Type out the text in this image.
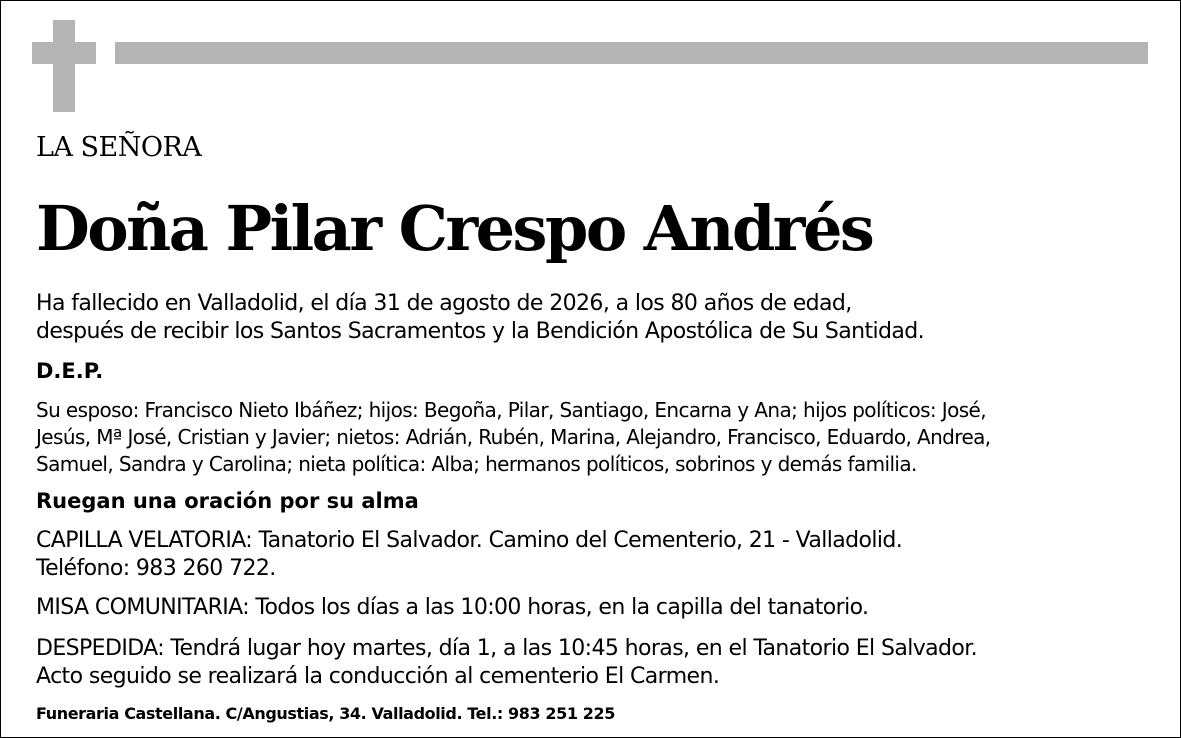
LA SEÑORA
Doña Pilar Crespo Andrés
Ha fallecido en Valladolid, el día 31 de agosto de 2026, a los 80 años de edad,
después de recibir los Santos Sacramentos y la Bendición Apostólica de Su Santidad.
D.E.P.
Su esposo: Francisco Nieto Ibáñez; hijos: Begoña, Pilar, Santiago, Encarna y Ana; hijos políticos: José,
Jesús, Mª José, Cristian y Javier; nietos: Adrián, Rubén, Marina, Alejandro, Francisco, Eduardo, Andrea,
Samuel, Sandra y Carolina; nieta política: Alba; hermanos políticos, sobrinos y demás familia.
Ruegan una oración por su alma
CAPILLA VELATORIA: Tanatorio El Salvador. Camino del Cementerio, 21 - Valladolid.
Teléfono: 983 260 722.
MISA COMUNITARIA: Todos los días a las 10:00 horas, en la capilla del tanatorio.
DESPEDIDA: Tendrá lugar hoy martes, día 1, a las 10:45 horas, en el Tanatorio El Salvador.
Acto seguido se realizará la conducción al cementerio El Carmen.
Funeraria Castellana. C/Angustias, 34. Valladolid. Tel.: 983 251 225
